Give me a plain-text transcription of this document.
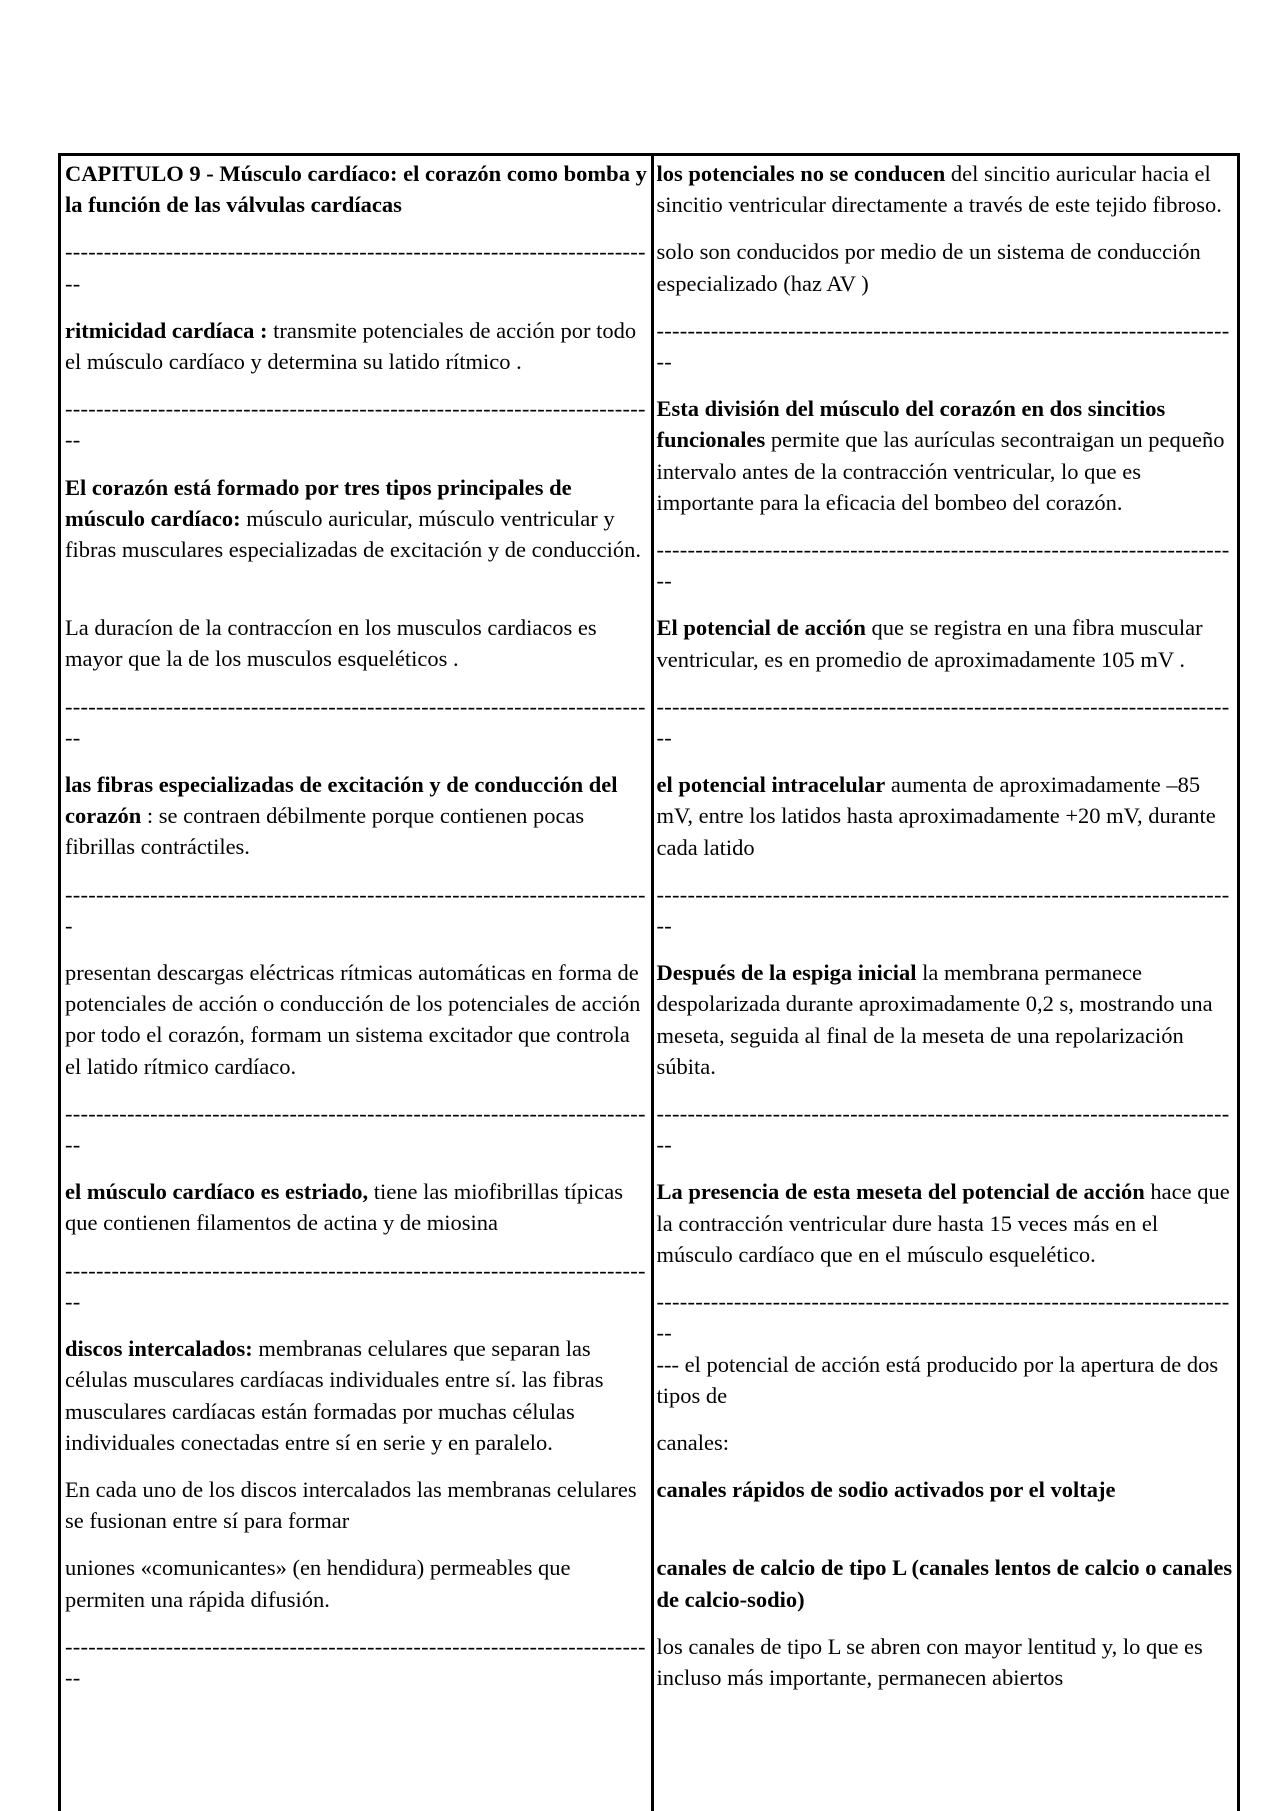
CAPITULO 9 - Músculo cardíaco: el corazón como bomba y la función de las válvulas cardíacas

-----------------------------------------------------------------------------

ritmicidad cardíaca : transmite potenciales de acción por todo el músculo cardíaco y determina su latido rítmico .

-----------------------------------------------------------------------------

El corazón está formado por tres tipos principales de músculo cardíaco: músculo auricular, músculo ventricular y fibras musculares especializadas de excitación y de conducción.

La duracíon de la contraccíon en los musculos cardiacos es mayor que la de los musculos esqueléticos .

-----------------------------------------------------------------------------

las fibras especializadas de excitación y de conducción del corazón : se contraen débilmente porque contienen pocas fibrillas contráctiles.

----------------------------------------------------------------------------

presentan descargas eléctricas rítmicas automáticas en forma de potenciales de acción o conducción de los potenciales de acción por todo el corazón, formam un sistema excitador que controla el latido rítmico cardíaco.

-----------------------------------------------------------------------------

el músculo cardíaco es estriado, tiene las miofibrillas típicas que contienen filamentos de actina y de miosina

-----------------------------------------------------------------------------

discos intercalados: membranas celulares que separan las células musculares cardíacas individuales entre sí. las fibras musculares cardíacas están formadas por muchas células individuales conectadas entre sí en serie y en paralelo.

En cada uno de los discos intercalados las membranas celulares se fusionan entre sí para formar

uniones «comunicantes» (en hendidura) permeables que permiten una rápida difusión.

-----------------------------------------------------------------------------

los potenciales no se conducen del sincitio auricular hacia el sincitio ventricular directamente a través de este tejido fibroso.

solo son conducidos por medio de un sistema de conducción especializado (haz AV )

----------------------------------------------------------------------------

Esta división del músculo del corazón en dos sincitios funcionales permite que las aurículas secontraigan un pequeño intervalo antes de la contracción ventricular, lo que es importante para la eficacia del bombeo del corazón.

----------------------------------------------------------------------------

El potencial de acción que se registra en una fibra muscular ventricular, es en promedio de aproximadamente 105 mV .

----------------------------------------------------------------------------

el potencial intracelular aumenta de aproximadamente –85 mV, entre los latidos hasta aproximadamente +20 mV, durante cada latido

----------------------------------------------------------------------------

Después de la espiga inicial la membrana permanece despolarizada durante aproximadamente 0,2 s, mostrando una meseta, seguida al final de la meseta de una repolarización súbita.

----------------------------------------------------------------------------

La presencia de esta meseta del potencial de acción hace que la contracción ventricular dure hasta 15 veces más en el músculo cardíaco que en el músculo esquelético.

----------------------------------------------------------------------------

--- el potencial de acción está producido por la apertura de dos tipos de

canales:

canales rápidos de sodio activados por el voltaje

canales de calcio de tipo L (canales lentos de calcio o canales de calcio-sodio)

los canales de tipo L se abren con mayor lentitud y, lo que es incluso más importante, permanecen abiertos
